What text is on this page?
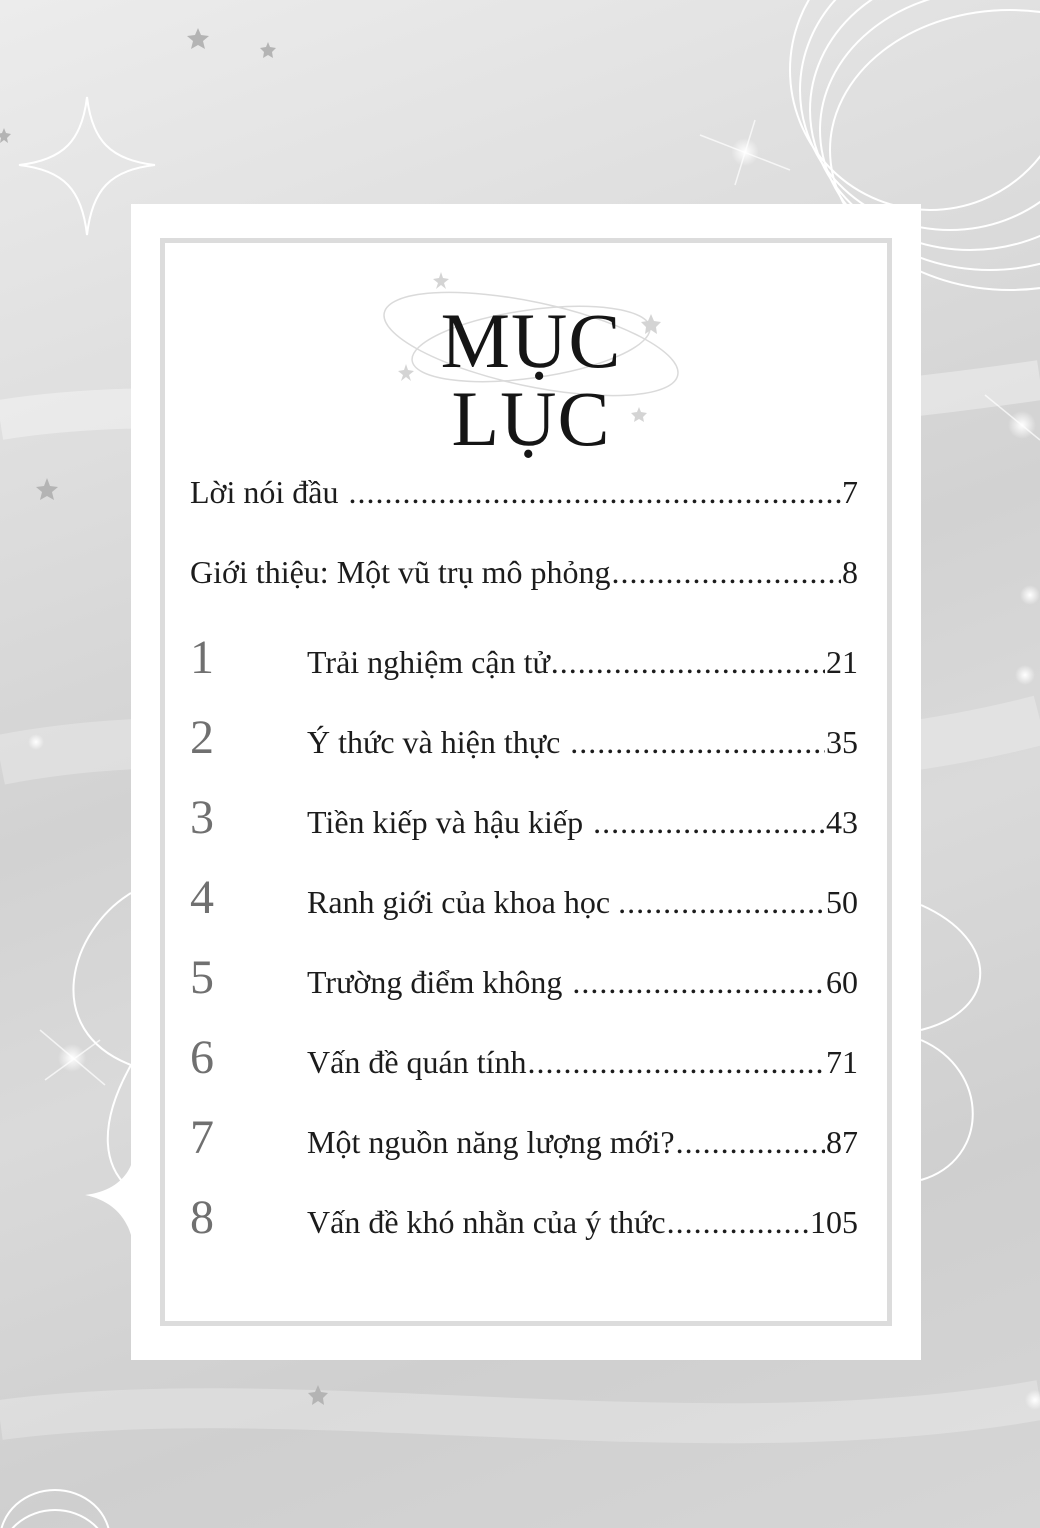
MỤC LỤC
Lời nói đầu .....	7
Giới thiệu: Một vũ trụ mô phỏng .....	8
1	Trải nghiệm cận tử .....	21
2	Ý thức và hiện thực .....	35
3	Tiền kiếp và hậu kiếp .....	43
4	Ranh giới của khoa học .....	50
5	Trường điểm không .....	60
6	Vấn đề quán tính .....	71
7	Một nguồn năng lượng mới? .....	87
8	Vấn đề khó nhằn của ý thức .....	105
